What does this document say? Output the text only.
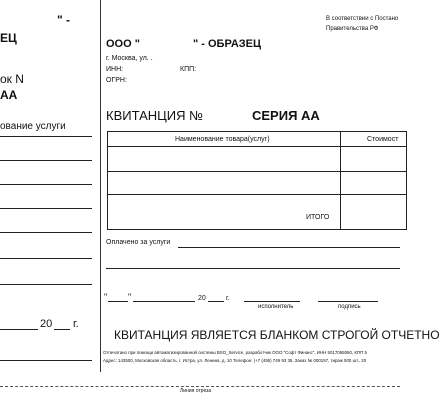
ЕЦ
" -
ок N
АА
ование услуги
20 г.
В соответствии с Постано
Правительства РФ
ООО "	" - ОБРАЗЕЦ
г. Москва, ул. .
ИНН:	КПП:
ОГРН:
КВИТАНЦИЯ №	СЕРИЯ АА
Наименование товара(услуг)	Стоимост
ИТОГО
Оплачено за услуги
" "	20	г.
исполнитель	подпись
КВИТАНЦИЯ ЯВЛЯЕТСЯ БЛАНКОМ СТРОГОЙ ОТЧЕТНО
Отпечатано при помощи автоматизированной системы BSO_Service, разработчик ООО "Софт Финанс", ИНН 5017055060, КПП 5
Адрес: 143500, Московская область, г. Истра, ул. Ленина, д. 10 Телефон: (+7 (495) 749 93 35. Заказ № 000157, тираж 500 шт., 20
Линия отреза
